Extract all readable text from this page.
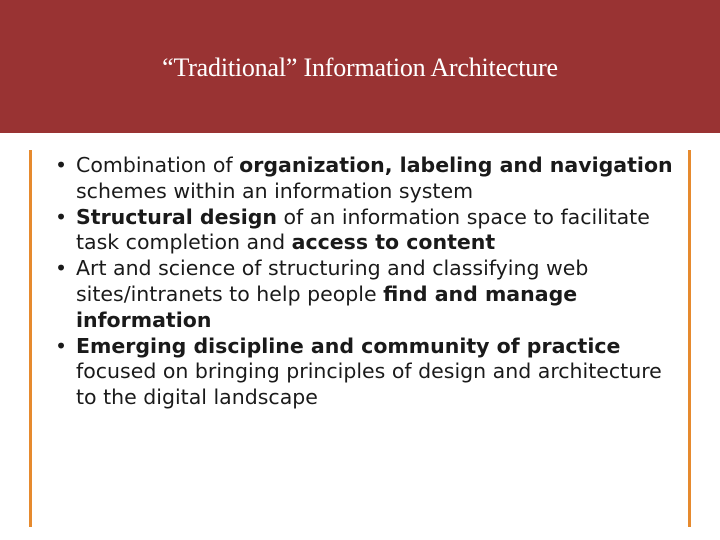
“Traditional” Information Architecture
• Combination of organization, labeling and navigation schemes within an information system
• Structural design of an information space to facilitate task completion and access to content
• Art and science of structuring and classifying web sites/intranets to help people find and manage information
• Emerging discipline and community of practice focused on bringing principles of design and architecture to the digital landscape
